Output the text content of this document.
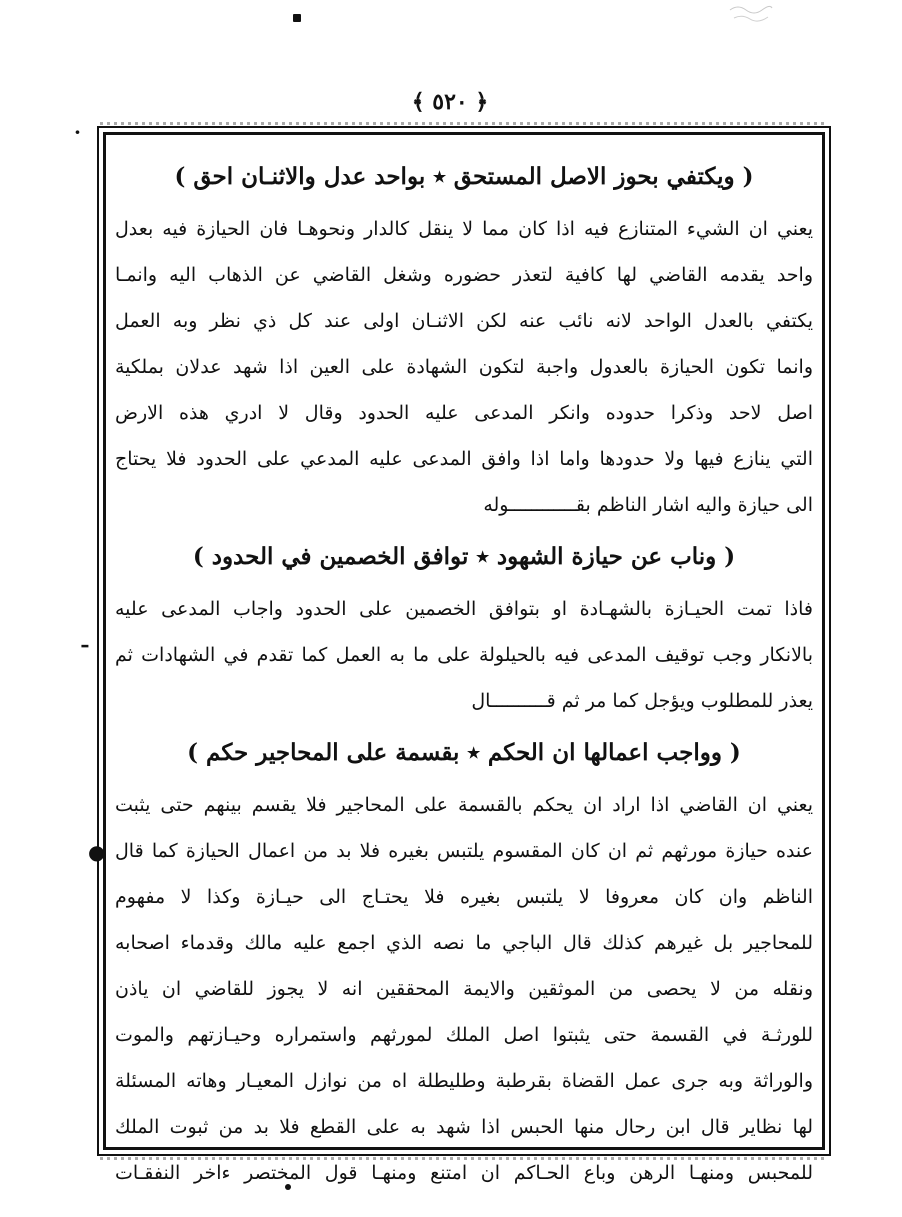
﴿ ٥٢٠ ﴾
·
ـ
●
( ويكتفي بحوز الاصل المستحق ٭ بواحد عدل والاثنـان احق )
يعني ان الشيء المتنازع فيه اذا كان مما لا ينقل كالدار ونحوهـا فان الحيازة فيه بعدل
واحد يقدمه القاضي لها كافية لتعذر حضوره وشغل القاضي عن الذهاب اليه وانمـا
يكتفي بالعدل الواحد لانه نائب عنه لكن الاثنـان اولى عند كل ذي نظر وبه العمل
وانما تكون الحيازة بالعدول واجبة لتكون الشهادة على العين اذا شهد عدلان بملكية
اصل لاحد وذكرا حدوده وانكر المدعى عليه الحدود وقال لا ادري هذه الارض
التي ينازع فيها ولا حدودها واما اذا وافق المدعى عليه المدعي على الحدود فلا يحتاج
الى حيازة واليه اشار الناظم بقــــــــــــوله
( وناب عن حيازة الشهود ٭ توافق الخصمين في الحدود )
فاذا تمت الحيـازة بالشهـادة او بتوافق الخصمين على الحدود واجاب المدعى عليه
بالانكار وجب توقيف المدعى فيه بالحيلولة على ما به العمل كما تقدم في الشهادات ثم
يعذر للمطلوب ويؤجل كما مر ثم قــــــــــال
( وواجب اعمالها ان الحكم ٭ بقسمة على المحاجير حكم )
يعني ان القاضي اذا اراد ان يحكم بالقسمة على المحاجير فلا يقسم بينهم حتى يثبت
عنده حيازة مورثهم ثم ان كان المقسوم يلتبس بغيره فلا بد من اعمال الحيازة كما قال
الناظم وان كان معروفا لا يلتبس بغيره فلا يحتـاج الى حيـازة وكذا لا مفهوم
للمحاجير بل غيرهم كذلك قال الباجي ما نصه الذي اجمع عليه مالك وقدماء اصحابه
ونقله من لا يحصى من الموثقين والايمة المحققين انه لا يجوز للقاضي ان ياذن
للورثـة في القسمة حتى يثبتوا اصل الملك لمورثهم واستمراره وحيـازتهم والموت
والوراثة وبه جرى عمل القضاة بقرطبة وطليطلة اه من نوازل المعيـار وهاته المسئلة
لها نظاير قال ابن رحال منها الحبس اذا شهد به على القطع فلا بد من ثبوت الملك
للمحبس ومنهـا الرهن وباع الحـاكم ان امتنع ومنهـا قول المختصر ءاخر النفقـات
